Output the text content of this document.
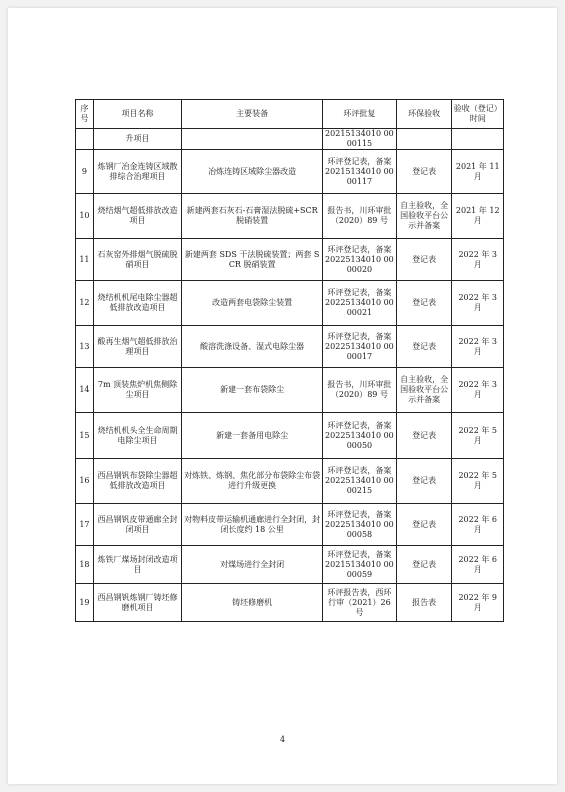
序号	项目名称	主要装备	环评批复	环保验收	验收（登记）时间
	升项目		20215134010 0000115		
9	炼钢厂冶金连铸区域散排综合治理项目	冶炼连铸区域除尘器改造	环评登记表，备案 20215134010 0000117	登记表	2021 年 11 月
10	烧结烟气超低排放改造项目	新建两套石灰石-石膏湿法脱硫+SCR 脱硝装置	报告书，川环审批（2020）89 号	自主验收，全国验收平台公示并备案	2021 年 12 月
11	石灰窑外排烟气脱硫脱硝项目	新建两套 SDS 干法脱硫装置；两套 SCR 脱硝装置	环评登记表，备案 20225134010 0000020	登记表	2022 年 3 月
12	烧结机机尾电除尘器超低排放改造项目	改造两套电袋除尘装置	环评登记表，备案 20225134010 0000021	登记表	2022 年 3 月
13	酸再生烟气超低排放治理项目	酸溶洗涤设备、湿式电除尘器	环评登记表，备案 20225134010 0000017	登记表	2022 年 3 月
14	7m 顶装焦炉机焦侧除尘项目	新建一套布袋除尘	报告书，川环审批（2020）89 号	自主验收，全国验收平台公示并备案	2022 年 3 月
15	烧结机机头全生命周期电除尘项目	新建一套备用电除尘	环评登记表，备案 20225134010 0000050	登记表	2022 年 5 月
16	西昌钢钒布袋除尘器超低排放改造项目	对炼铁、炼钢、焦化部分布袋除尘布袋进行升级更换	环评登记表，备案 20225134010 0000215	登记表	2022 年 5 月
17	西昌钢钒皮带通廊全封闭项目	对物料皮带运输机通廊进行全封闭，封闭长度约 18 公里	环评登记表，备案 20225134010 0000058	登记表	2022 年 6 月
18	炼铁厂煤场封闭改造项目	对煤场进行全封闭	环评登记表，备案 20215134010 0000059	登记表	2022 年 6 月
19	西昌钢钒炼钢厂铸坯修磨机项目	铸坯修磨机	环评报告表，西环行审（2021）26 号	报告表	2022 年 9 月
4
